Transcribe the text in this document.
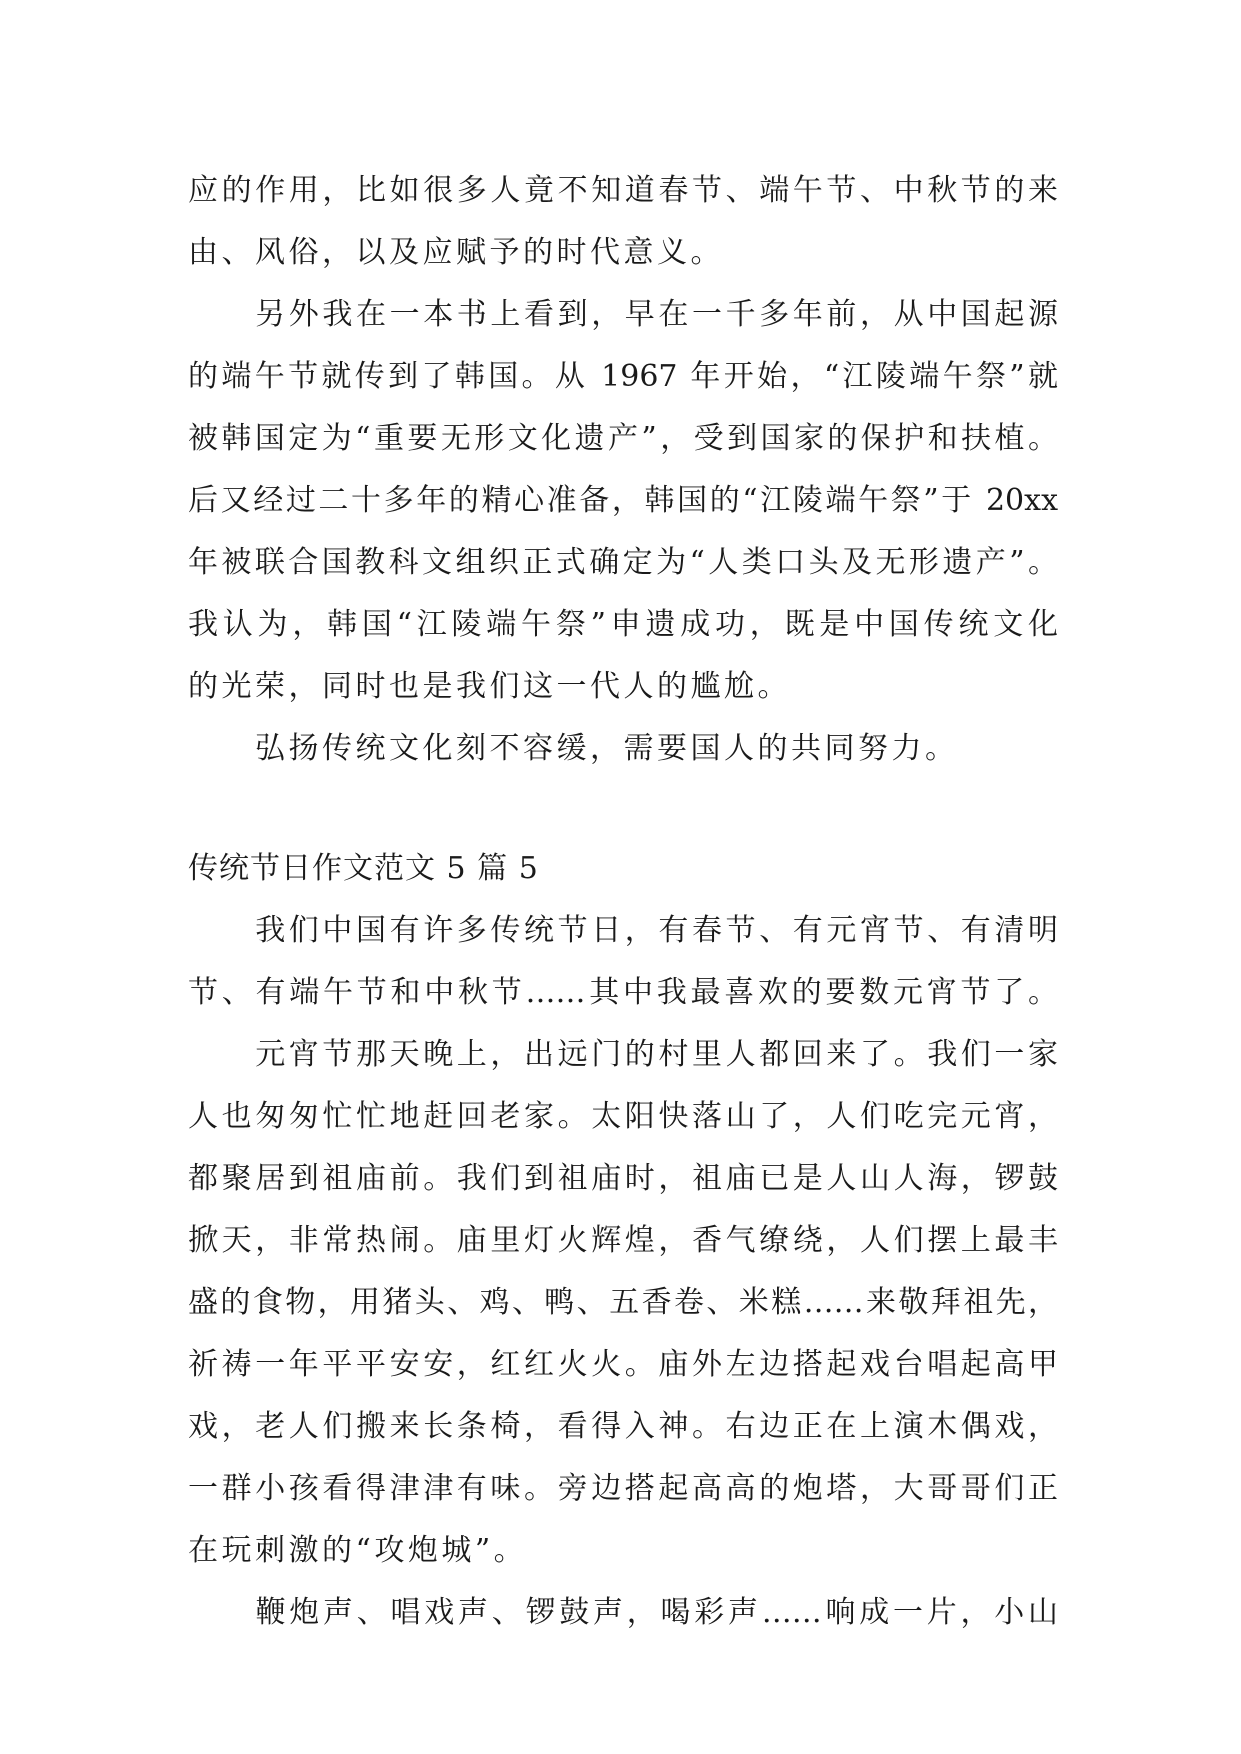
应的作用，比如很多人竟不知道春节、端午节、中秋节的来
由、风俗，以及应赋予的时代意义。
　　另外我在一本书上看到，早在一千多年前，从中国起源
的端午节就传到了韩国。从 1967 年开始，“江陵端午祭”就
被韩国定为“重要无形文化遗产”，受到国家的保护和扶植。
后又经过二十多年的精心准备，韩国的“江陵端午祭”于 20xx
年被联合国教科文组织正式确定为“人类口头及无形遗产”。
我认为，韩国“江陵端午祭”申遗成功，既是中国传统文化
的光荣，同时也是我们这一代人的尴尬。
　　弘扬传统文化刻不容缓，需要国人的共同努力。
传统节日作文范文 5 篇 5
　　我们中国有许多传统节日，有春节、有元宵节、有清明
节、有端午节和中秋节……其中我最喜欢的要数元宵节了。
　　元宵节那天晚上，出远门的村里人都回来了。我们一家
人也匆匆忙忙地赶回老家。太阳快落山了，人们吃完元宵，
都聚居到祖庙前。我们到祖庙时，祖庙已是人山人海，锣鼓
掀天，非常热闹。庙里灯火辉煌，香气缭绕，人们摆上最丰
盛的食物，用猪头、鸡、鸭、五香卷、米糕……来敬拜祖先，
祈祷一年平平安安，红红火火。庙外左边搭起戏台唱起高甲
戏，老人们搬来长条椅，看得入神。右边正在上演木偶戏，
一群小孩看得津津有味。旁边搭起高高的炮塔，大哥哥们正
在玩刺激的“攻炮城”。
　　鞭炮声、唱戏声、锣鼓声，喝彩声……响成一片，小山
